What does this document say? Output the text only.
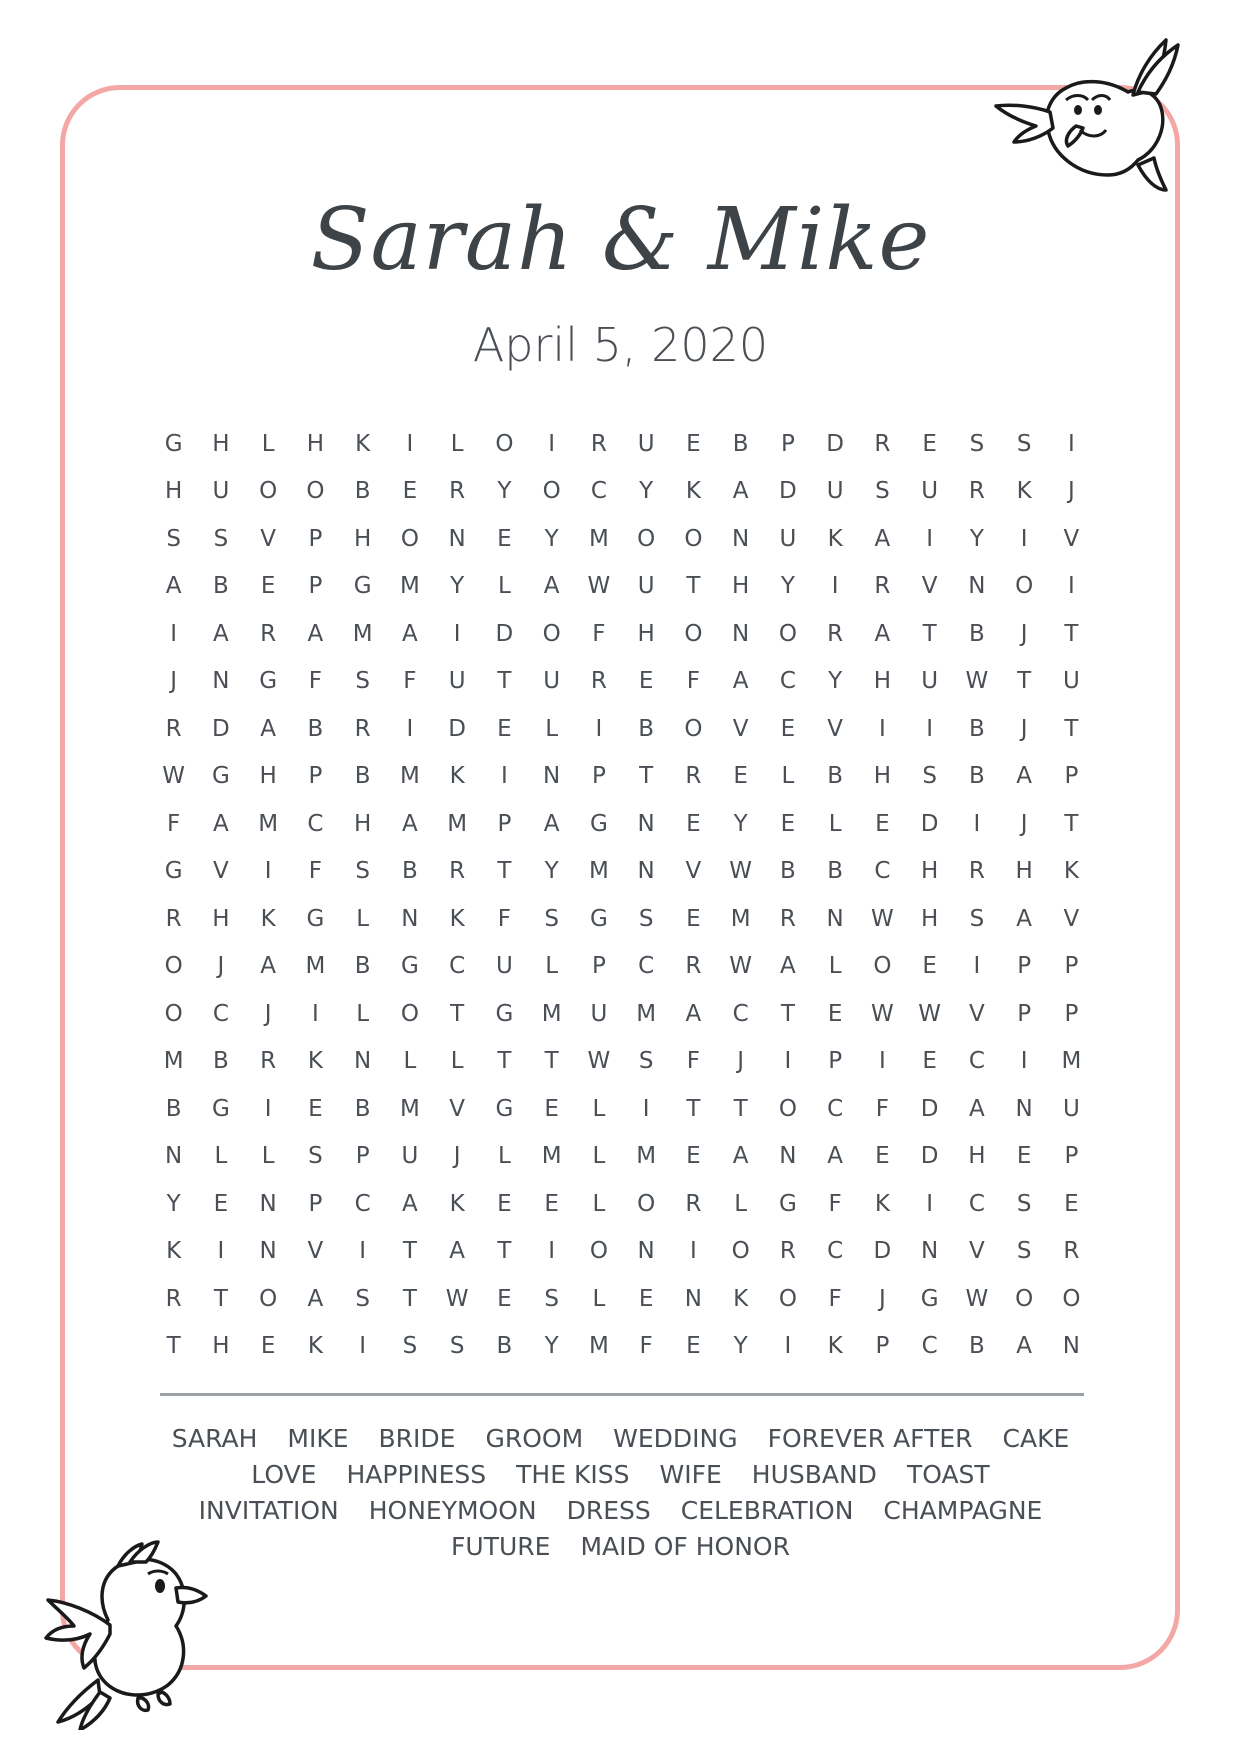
Sarah & Mike
April 5, 2020
G	H	L	H	K	I	L	O	I	R	U	E	B	P	D	R	E	S	S	I
H	U	O	O	B	E	R	Y	O	C	Y	K	A	D	U	S	U	R	K	J
S	S	V	P	H	O	N	E	Y	M	O	O	N	U	K	A	I	Y	I	V
A	B	E	P	G	M	Y	L	A	W	U	T	H	Y	I	R	V	N	O	I
I	A	R	A	M	A	I	D	O	F	H	O	N	O	R	A	T	B	J	T
J	N	G	F	S	F	U	T	U	R	E	F	A	C	Y	H	U	W	T	U
R	D	A	B	R	I	D	E	L	I	B	O	V	E	V	I	I	B	J	T
W	G	H	P	B	M	K	I	N	P	T	R	E	L	B	H	S	B	A	P
F	A	M	C	H	A	M	P	A	G	N	E	Y	E	L	E	D	I	J	T
G	V	I	F	S	B	R	T	Y	M	N	V	W	B	B	C	H	R	H	K
R	H	K	G	L	N	K	F	S	G	S	E	M	R	N	W	H	S	A	V
O	J	A	M	B	G	C	U	L	P	C	R	W	A	L	O	E	I	P	P
O	C	J	I	L	O	T	G	M	U	M	A	C	T	E	W	W	V	P	P
M	B	R	K	N	L	L	T	T	W	S	F	J	I	P	I	E	C	I	M
B	G	I	E	B	M	V	G	E	L	I	T	T	O	C	F	D	A	N	U
N	L	L	S	P	U	J	L	M	L	M	E	A	N	A	E	D	H	E	P
Y	E	N	P	C	A	K	E	E	L	O	R	L	G	F	K	I	C	S	E
K	I	N	V	I	T	A	T	I	O	N	I	O	R	C	D	N	V	S	R
R	T	O	A	S	T	W	E	S	L	E	N	K	O	F	J	G	W	O	O
T	H	E	K	I	S	S	B	Y	M	F	E	Y	I	K	P	C	B	A	N
SARAH MIKE BRIDE GROOM WEDDING FOREVER AFTER CAKE
LOVE HAPPINESS THE KISS WIFE HUSBAND TOAST
INVITATION HONEYMOON DRESS CELEBRATION CHAMPAGNE
FUTURE MAID OF HONOR
